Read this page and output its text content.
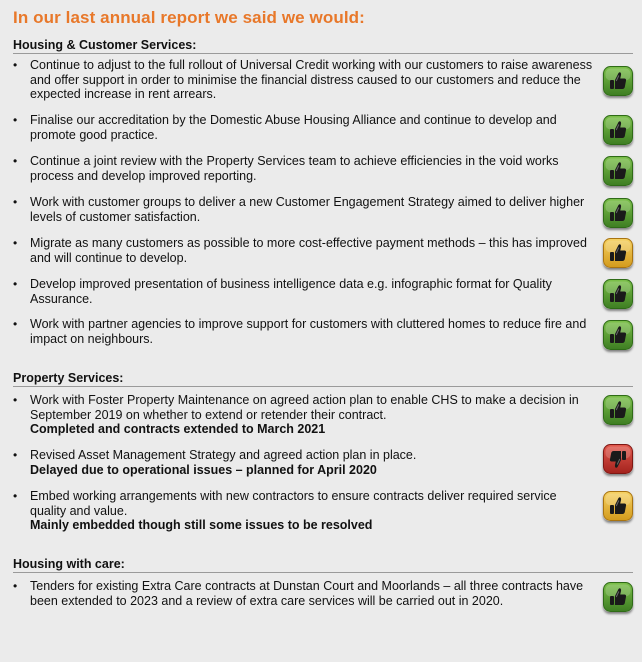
In our last annual report we said we would:
Housing & Customer Services:
•	Continue to adjust to the full rollout of Universal Credit working with our customers to raise awareness and offer support in order to minimise the financial distress caused to our customers and reduce the expected increase in rent arrears.
•	Finalise our accreditation by the Domestic Abuse Housing Alliance and continue to develop and promote good practice.
•	Continue a joint review with the Property Services team to achieve efficiencies in the void works process and develop improved reporting.
•	Work with customer groups to deliver a new Customer Engagement Strategy aimed to deliver higher levels of customer satisfaction.
•	Migrate as many customers as possible to more cost-effective payment methods – this has improved and will continue to develop.
•	Develop improved presentation of business intelligence data e.g. infographic format for Quality Assurance.
•	Work with partner agencies to improve support for customers with cluttered homes to reduce fire and impact on neighbours.
Property Services:
•	Work with Foster Property Maintenance on agreed action plan to enable CHS to make a decision in September 2019 on whether to extend or retender their contract.
Completed and contracts extended to March 2021
•	Revised Asset Management Strategy and agreed action plan in place.
Delayed due to operational issues – planned for April 2020
•	Embed working arrangements with new contractors to ensure contracts deliver required service quality and value.
Mainly embedded though still some issues to be resolved
Housing with care:
•	Tenders for existing Extra Care contracts at Dunstan Court and Moorlands – all three contracts have been extended to 2023 and a review of extra care services will be carried out in 2020.
